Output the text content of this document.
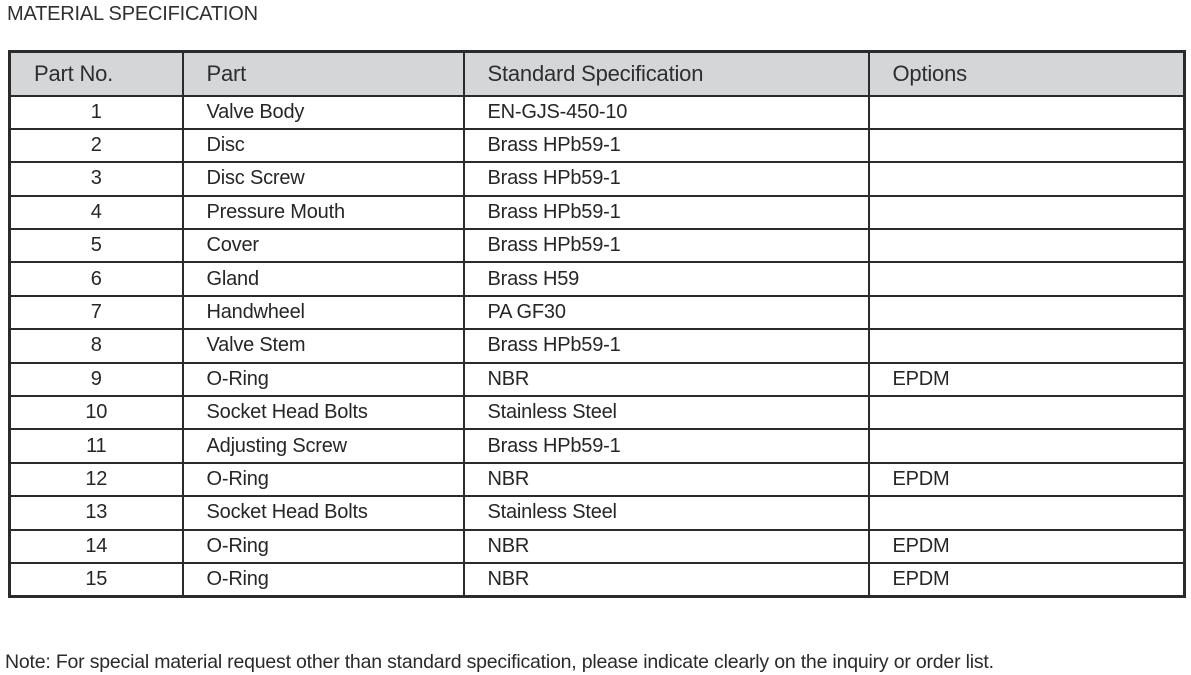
MATERIAL SPECIFICATION
Part No.	Part	Standard Specification	Options
1	Valve Body	EN-GJS-450-10	
2	Disc	Brass HPb59-1	
3	Disc Screw	Brass HPb59-1	
4	Pressure Mouth	Brass HPb59-1	
5	Cover	Brass HPb59-1	
6	Gland	Brass H59	
7	Handwheel	PA GF30	
8	Valve Stem	Brass HPb59-1	
9	O-Ring	NBR	EPDM
10	Socket Head Bolts	Stainless Steel	
11	Adjusting Screw	Brass HPb59-1	
12	O-Ring	NBR	EPDM
13	Socket Head Bolts	Stainless Steel	
14	O-Ring	NBR	EPDM
15	O-Ring	NBR	EPDM

Note: For special material request other than standard specification, please indicate clearly on the inquiry or order list.
